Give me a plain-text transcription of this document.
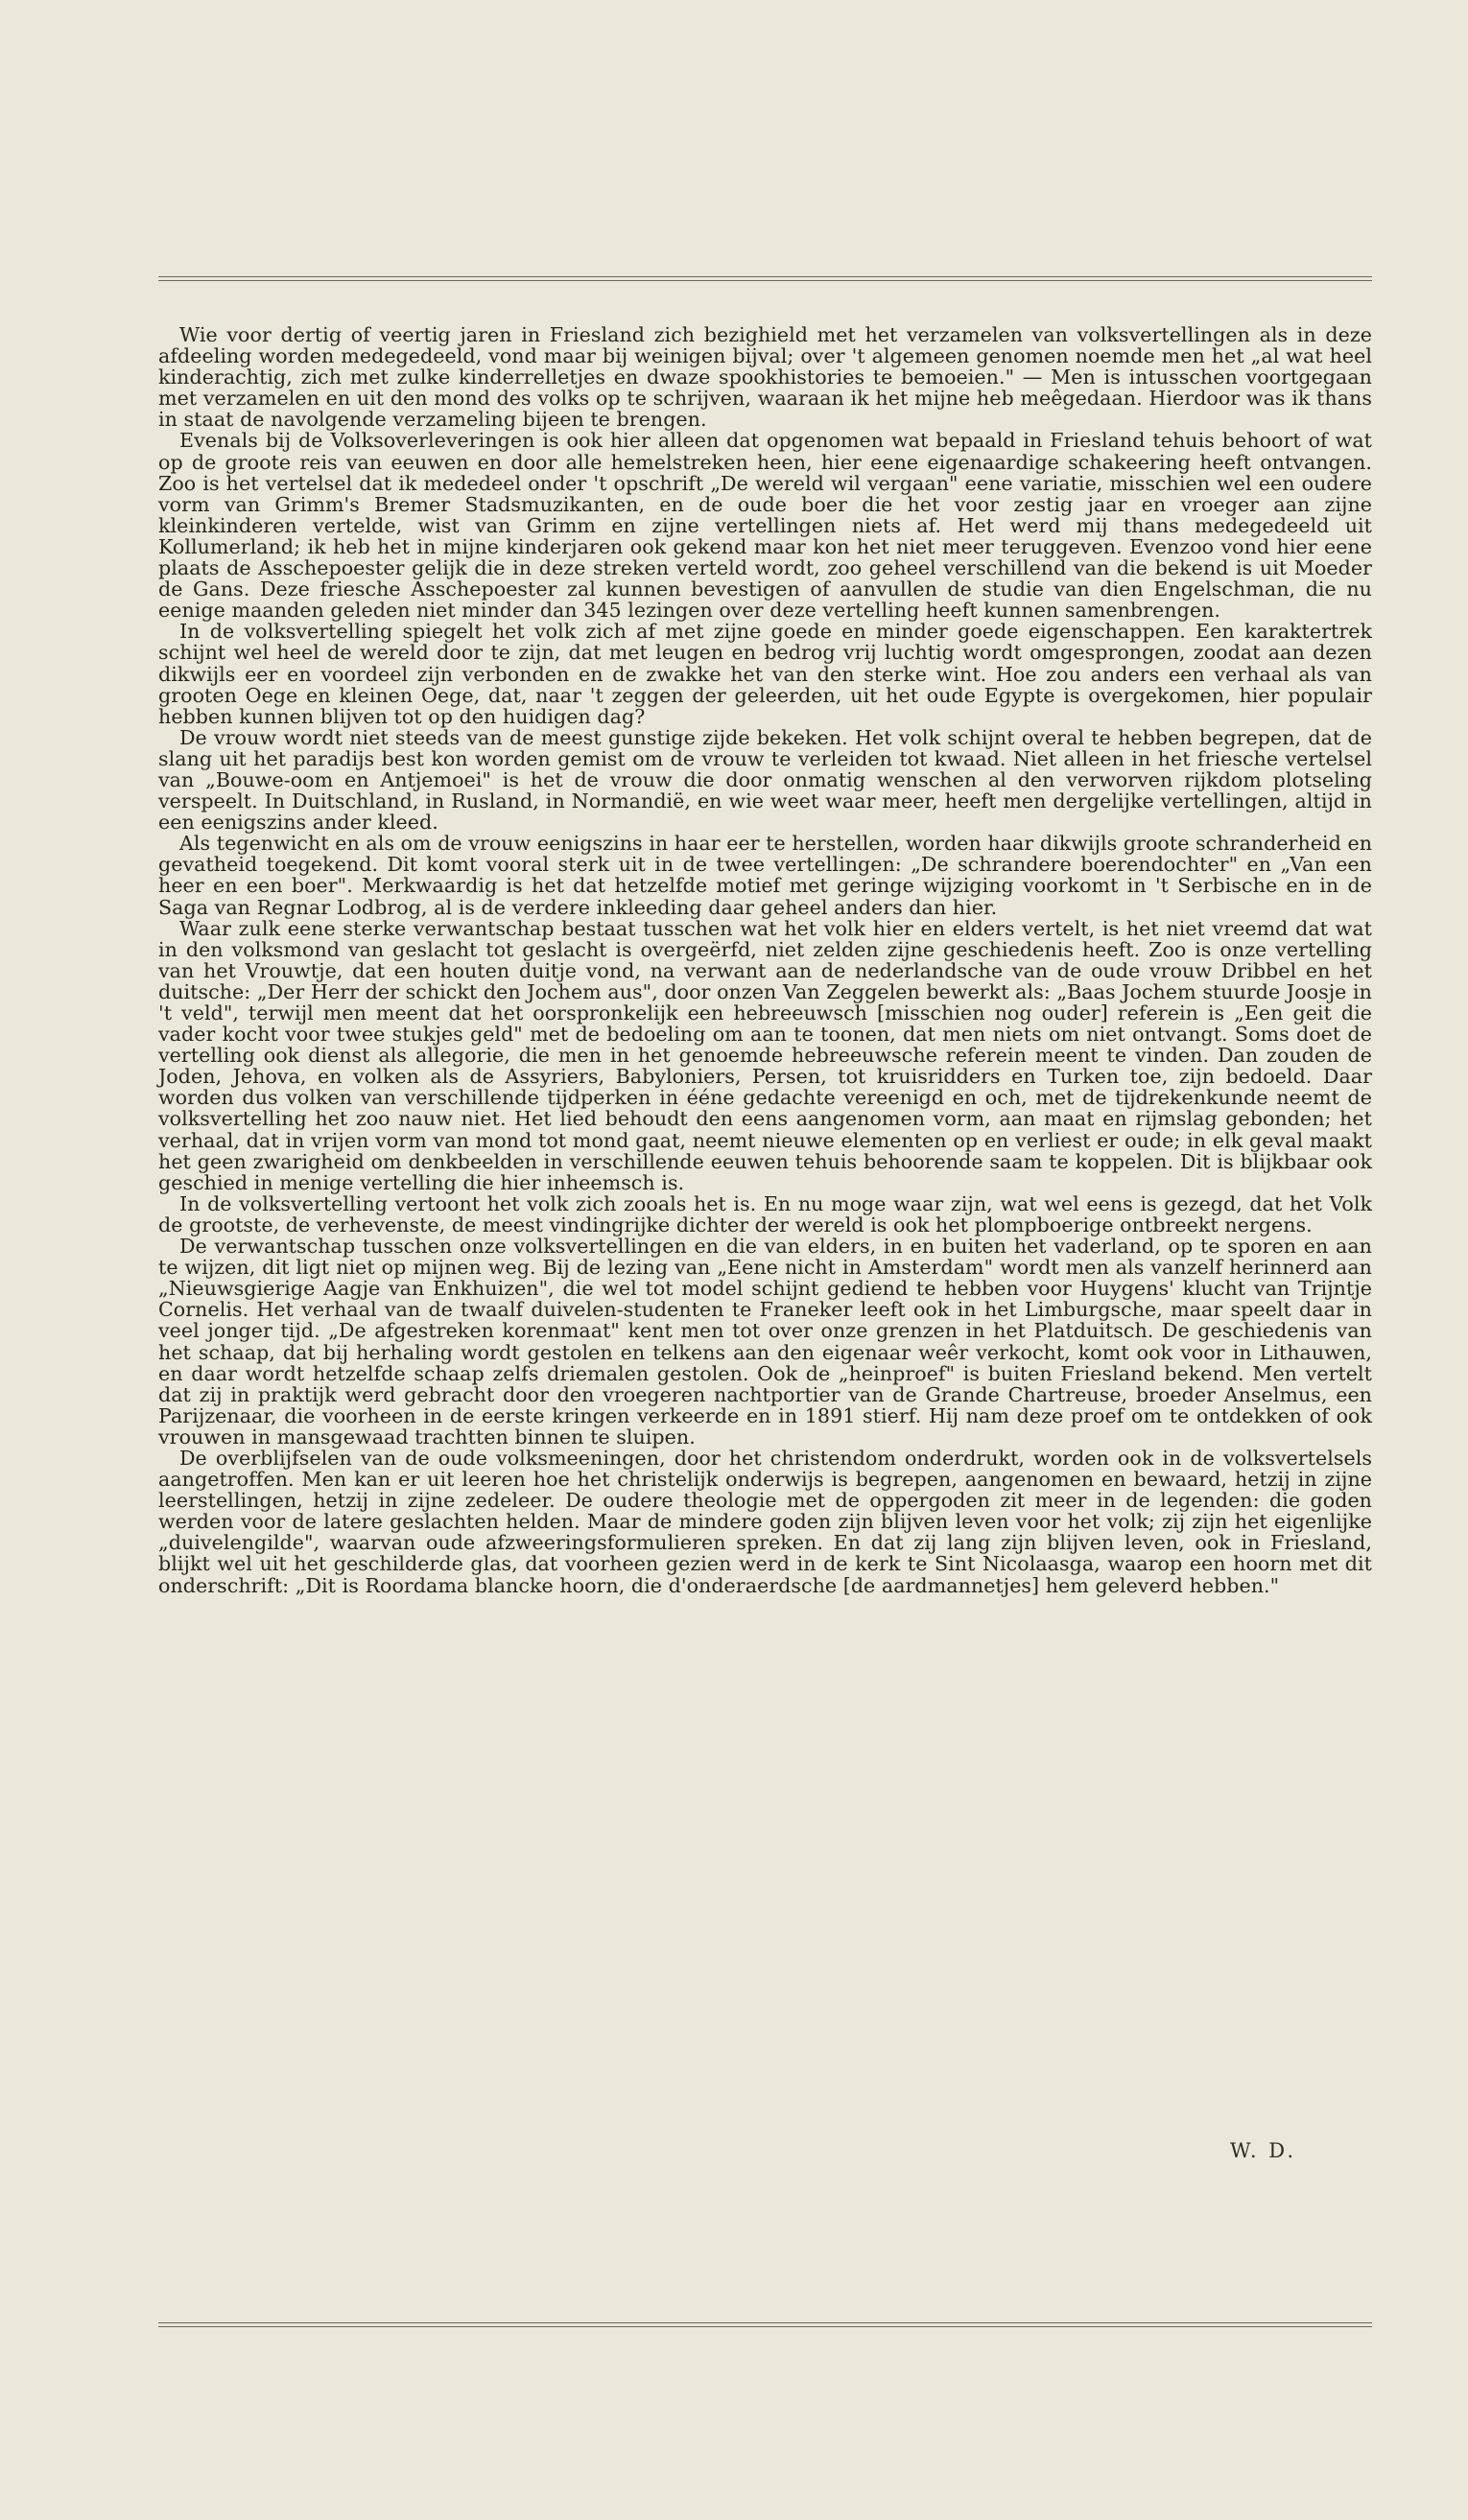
Wie voor dertig of veertig jaren in Friesland zich bezighield met het verzamelen van volksvertellingen als in deze afdeeling worden medegedeeld, vond maar bij weinigen bijval; over 't algemeen genomen noemde men het „al wat heel kinderachtig, zich met zulke kinderrelletjes en dwaze spookhistories te bemoeien." — Men is intusschen voortgegaan met verzamelen en uit den mond des volks op te schrijven, waaraan ik het mijne heb meêgedaan. Hierdoor was ik thans in staat de navolgende verzameling bijeen te brengen.

Evenals bij de Volksoverleveringen is ook hier alleen dat opgenomen wat bepaald in Friesland tehuis behoort of wat op de groote reis van eeuwen en door alle hemelstreken heen, hier eene eigenaardige schakeering heeft ontvangen. Zoo is het vertelsel dat ik mededeel onder 't opschrift „De wereld wil vergaan" eene variatie, misschien wel een oudere vorm van Grimm's Bremer Stadsmuzikanten, en de oude boer die het voor zestig jaar en vroeger aan zijne kleinkinderen vertelde, wist van Grimm en zijne vertellingen niets af. Het werd mij thans medegedeeld uit Kollumerland; ik heb het in mijne kinderjaren ook gekend maar kon het niet meer teruggeven. Evenzoo vond hier eene plaats de Asschepoester gelijk die in deze streken verteld wordt, zoo geheel verschillend van die bekend is uit Moeder de Gans. Deze friesche Asschepoester zal kunnen bevestigen of aanvullen de studie van dien Engelschman, die nu eenige maanden geleden niet minder dan 345 lezingen over deze vertelling heeft kunnen samenbrengen.

In de volksvertelling spiegelt het volk zich af met zijne goede en minder goede eigenschappen. Een karaktertrek schijnt wel heel de wereld door te zijn, dat met leugen en bedrog vrij luchtig wordt omgesprongen, zoodat aan dezen dikwijls eer en voordeel zijn verbonden en de zwakke het van den sterke wint. Hoe zou anders een verhaal als van grooten Oege en kleinen Oege, dat, naar 't zeggen der geleerden, uit het oude Egypte is overgekomen, hier populair hebben kunnen blijven tot op den huidigen dag?

De vrouw wordt niet steeds van de meest gunstige zijde bekeken. Het volk schijnt overal te hebben begrepen, dat de slang uit het paradijs best kon worden gemist om de vrouw te verleiden tot kwaad. Niet alleen in het friesche vertelsel van „Bouwe-oom en Antjemoei" is het de vrouw die door onmatig wenschen al den verworven rijkdom plotseling verspeelt. In Duitschland, in Rusland, in Normandië, en wie weet waar meer, heeft men dergelijke vertellingen, altijd in een eenigszins ander kleed.

Als tegenwicht en als om de vrouw eenigszins in haar eer te herstellen, worden haar dikwijls groote schranderheid en gevatheid toegekend. Dit komt vooral sterk uit in de twee vertellingen: „De schrandere boerendochter" en „Van een heer en een boer". Merkwaardig is het dat hetzelfde motief met geringe wijziging voorkomt in 't Serbische en in de Saga van Regnar Lodbrog, al is de verdere inkleeding daar geheel anders dan hier.

Waar zulk eene sterke verwantschap bestaat tusschen wat het volk hier en elders vertelt, is het niet vreemd dat wat in den volksmond van geslacht tot geslacht is overgeërfd, niet zelden zijne geschiedenis heeft. Zoo is onze vertelling van het Vrouwtje, dat een houten duitje vond, na verwant aan de nederlandsche van de oude vrouw Dribbel en het duitsche: „Der Herr der schickt den Jochem aus", door onzen Van Zeggelen bewerkt als: „Baas Jochem stuurde Joosje in 't veld", terwijl men meent dat het oorspronkelijk een hebreeuwsch [misschien nog ouder] referein is „Een geit die vader kocht voor twee stukjes geld" met de bedoeling om aan te toonen, dat men niets om niet ontvangt. Soms doet de vertelling ook dienst als allegorie, die men in het genoemde hebreeuwsche referein meent te vinden. Dan zouden de Joden, Jehova, en volken als de Assyriers, Babyloniers, Persen, tot kruisridders en Turken toe, zijn bedoeld. Daar worden dus volken van verschillende tijdperken in ééne gedachte vereenigd en och, met de tijdrekenkunde neemt de volksvertelling het zoo nauw niet. Het lied behoudt den eens aangenomen vorm, aan maat en rijmslag gebonden; het verhaal, dat in vrijen vorm van mond tot mond gaat, neemt nieuwe elementen op en verliest er oude; in elk geval maakt het geen zwarigheid om denkbeelden in verschillende eeuwen tehuis behoorende saam te koppelen. Dit is blijkbaar ook geschied in menige vertelling die hier inheemsch is.

In de volksvertelling vertoont het volk zich zooals het is. En nu moge waar zijn, wat wel eens is gezegd, dat het Volk de grootste, de verhevenste, de meest vindingrijke dichter der wereld is ook het plompboerige ontbreekt nergens.

De verwantschap tusschen onze volksvertellingen en die van elders, in en buiten het vaderland, op te sporen en aan te wijzen, dit ligt niet op mijnen weg. Bij de lezing van „Eene nicht in Amsterdam" wordt men als vanzelf herinnerd aan „Nieuwsgierige Aagje van Enkhuizen", die wel tot model schijnt gediend te hebben voor Huygens' klucht van Trijntje Cornelis. Het verhaal van de twaalf duivelen-studenten te Franeker leeft ook in het Limburgsche, maar speelt daar in veel jonger tijd. „De afgestreken korenmaat" kent men tot over onze grenzen in het Platduitsch. De geschiedenis van het schaap, dat bij herhaling wordt gestolen en telkens aan den eigenaar weêr verkocht, komt ook voor in Lithauwen, en daar wordt hetzelfde schaap zelfs driemalen gestolen. Ook de „heinproef" is buiten Friesland bekend. Men vertelt dat zij in praktijk werd gebracht door den vroegeren nachtportier van de Grande Chartreuse, broeder Anselmus, een Parijzenaar, die voorheen in de eerste kringen verkeerde en in 1891 stierf. Hij nam deze proef om te ontdekken of ook vrouwen in mansgewaad trachtten binnen te sluipen.

De overblijfselen van de oude volksmeeningen, door het christendom onderdrukt, worden ook in de volksvertelsels aangetroffen. Men kan er uit leeren hoe het christelijk onderwijs is begrepen, aangenomen en bewaard, hetzij in zijne leerstellingen, hetzij in zijne zedeleer. De oudere theologie met de oppergoden zit meer in de legenden: die goden werden voor de latere geslachten helden. Maar de mindere goden zijn blijven leven voor het volk; zij zijn het eigenlijke „duivelengilde", waarvan oude afzweeringsformulieren spreken. En dat zij lang zijn blijven leven, ook in Friesland, blijkt wel uit het geschilderde glas, dat voorheen gezien werd in de kerk te Sint Nicolaasga, waarop een hoorn met dit onderschrift: „Dit is Roordama blancke hoorn, die d'onderaerdsche [de aardmannetjes] hem geleverd hebben."

W. D.
